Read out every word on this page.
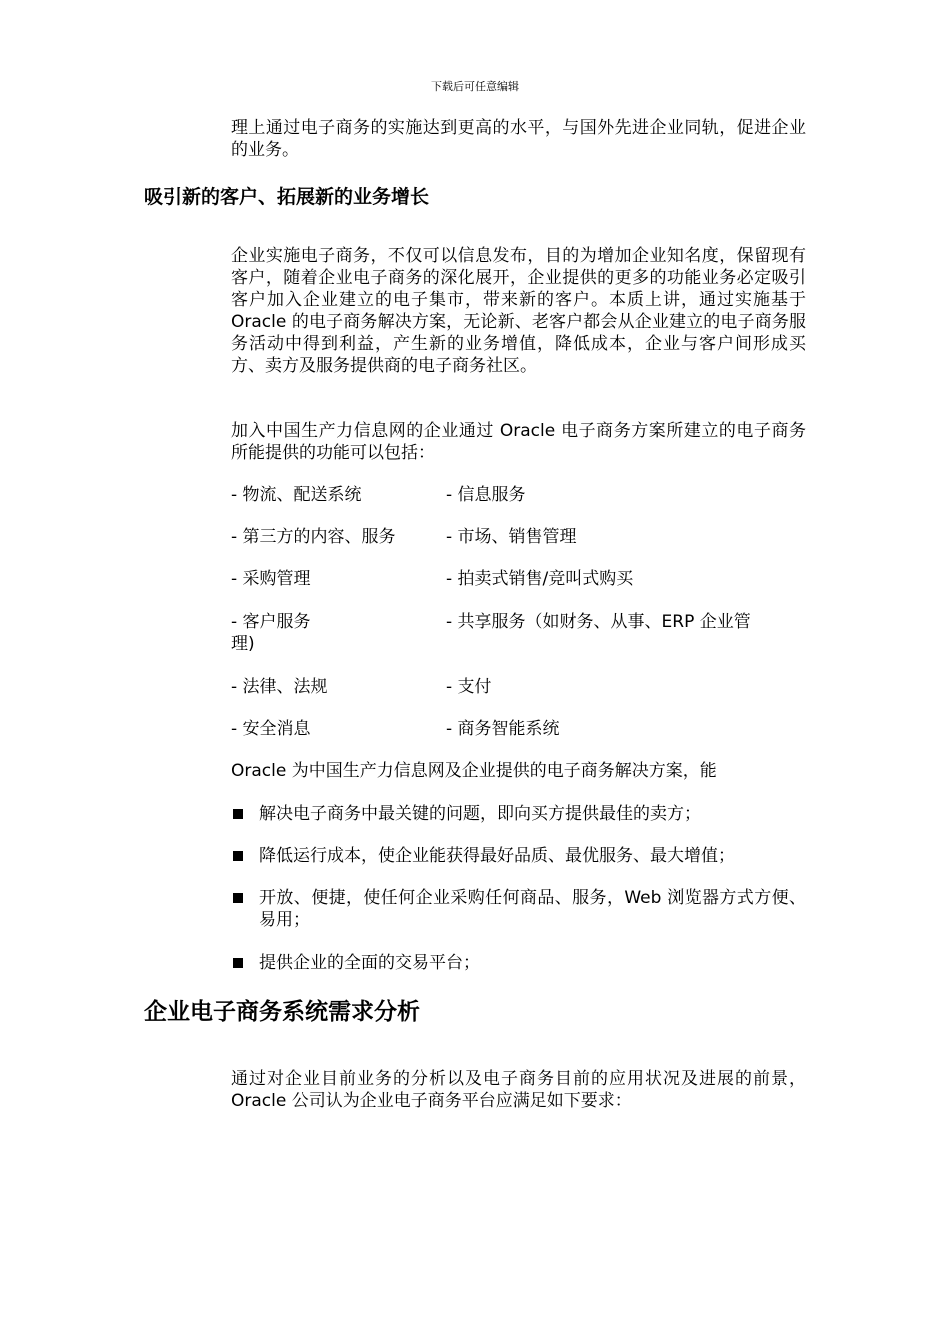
下载后可任意编辑
理上通过电子商务的实施达到更高的水平，与国外先进企业同轨，促进企业的业务。
吸引新的客户、拓展新的业务增长
企业实施电子商务，不仅可以信息发布，目的为增加企业知名度，保留现有客户，随着企业电子商务的深化展开，企业提供的更多的功能业务必定吸引客户加入企业建立的电子集市，带来新的客户。本质上讲，通过实施基于 Oracle 的电子商务解决方案，无论新、老客户都会从企业建立的电子商务服务活动中得到利益，产生新的业务增值，降低成本，企业与客户间形成买方、卖方及服务提供商的电子商务社区。
加入中国生产力信息网的企业通过 Oracle 电子商务方案所建立的电子商务所能提供的功能可以包括：
- 物流、配送系统	- 信息服务
- 第三方的内容、服务	- 市场、销售管理
- 采购管理	- 拍卖式销售/竞叫式购买
- 客户服务	- 共享服务（如财务、从事、ERP 企业管
理)
- 法律、法规	- 支付
- 安全消息	- 商务智能系统
Oracle 为中国生产力信息网及企业提供的电子商务解决方案，能
解决电子商务中最关键的问题，即向买方提供最佳的卖方；
降低运行成本，使企业能获得最好品质、最优服务、最大增值；
开放、便捷，使任何企业采购任何商品、服务，Web 浏览器方式方便、易用；
提供企业的全面的交易平台；
企业电子商务系统需求分析
通过对企业目前业务的分析以及电子商务目前的应用状况及进展的前景，Oracle 公司认为企业电子商务平台应满足如下要求：
